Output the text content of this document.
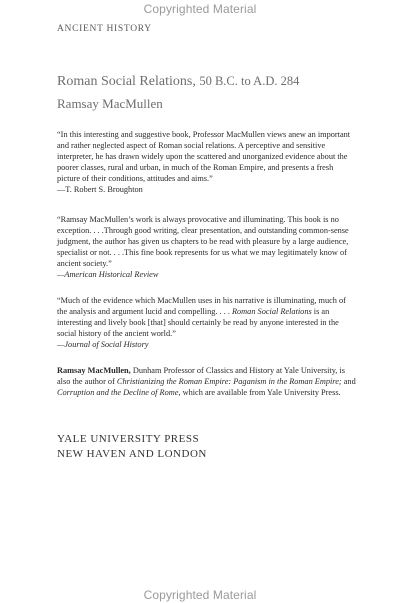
Copyrighted Material
ANCIENT HISTORY
Roman Social Relations, 50 B.C. to A.D. 284
Ramsay MacMullen

“In this interesting and suggestive book, Professor MacMullen views anew an important and rather neglected aspect of Roman social relations. A perceptive and sensitive interpreter, he has drawn widely upon the scattered and unorganized evidence about the poorer classes, rural and urban, in much of the Roman Empire, and presents a fresh picture of their conditions, attitudes and aims.”

—T. Robert S. Broughton

“Ramsay MacMullen’s work is always provocative and illuminating. This book is no exception. . . .Through good writing, clear presentation, and outstanding common-sense judgment, the author has given us chapters to be read with pleasure by a large audience, specialist or not. . . .This fine book represents for us what we may legitimately know of ancient society.”

—American Historical Review

“Much of the evidence which MacMullen uses in his narrative is illuminating, much of the analysis and argument lucid and compelling. . . . Roman Social Relations is an interesting and lively book [that] should certainly be read by anyone interested in the social history of the ancient world.”

—Journal of Social History

Ramsay MacMullen, Dunham Professor of Classics and History at Yale University, is also the author of Christianizing the Roman Empire: Paganism in the Roman Empire; and Corruption and the Decline of Rome, which are available from Yale University Press.

YALE UNIVERSITY PRESS
NEW HAVEN AND LONDON
Copyrighted Material
